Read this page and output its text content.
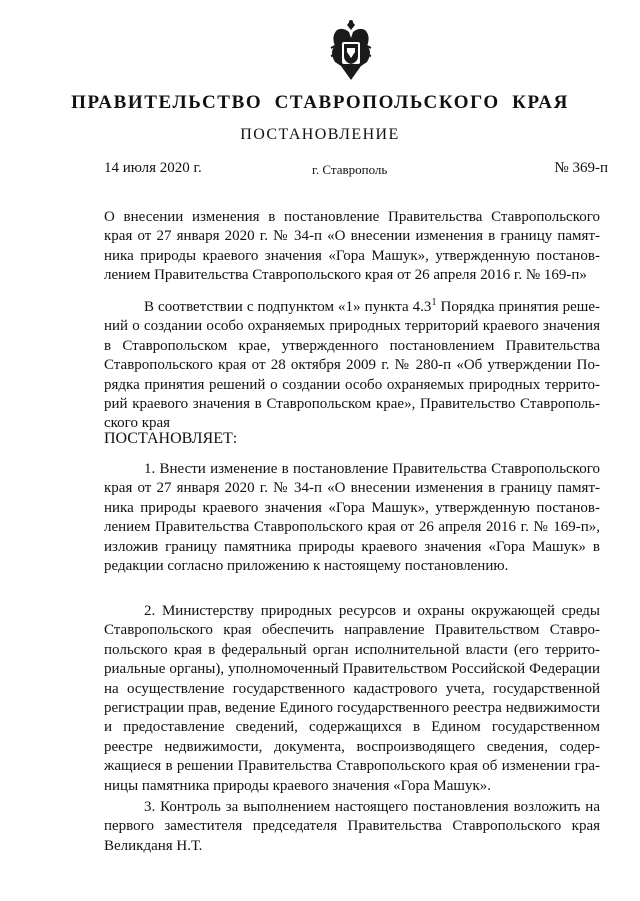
ПРАВИТЕЛЬСТВО СТАВРОПОЛЬСКОГО КРАЯ
ПОСТАНОВЛЕНИЕ
14 июля 2020 г.	г. Ставрополь	№ 369-п
О внесении изменения в постановление Правительства Ставропольского края от 27 января 2020 г. № 34-п «О внесении изменения в границу памятника природы краевого значения «Гора Машук», утвержденную постановлением Правительства Ставропольского края от 26 апреля 2016 г. № 169-п»
В соответствии с подпунктом «1» пункта $4.3^1$ Порядка принятия решений о создании особо охраняемых природных территорий краевого значения в Ставропольском крае, утвержденного постановлением Правительства Ставропольского края от 28 октября 2009 г. № 280-п «Об утверждении Порядка принятия решений о создании особо охраняемых природных территорий краевого значения в Ставропольском крае», Правительство Ставропольского края
ПОСТАНОВЛЯЕТ:
1. Внести изменение в постановление Правительства Ставропольского края от 27 января 2020 г. № 34-п «О внесении изменения в границу памятника природы краевого значения «Гора Машук», утвержденную постановлением Правительства Ставропольского края от 26 апреля 2016 г. № 169-п», изложив границу памятника природы краевого значения «Гора Машук» в редакции согласно приложению к настоящему постановлению.
2. Министерству природных ресурсов и охраны окружающей среды Ставропольского края обеспечить направление Правительством Ставропольского края в федеральный орган исполнительной власти (его территориальные органы), уполномоченный Правительством Российской Федерации на осуществление государственного кадастрового учета, государственной регистрации прав, ведение Единого государственного реестра недвижимости и предоставление сведений, содержащихся в Едином государственном реестре недвижимости, документа, воспроизводящего сведения, содержащиеся в решении Правительства Ставропольского края об изменении границы памятника природы краевого значения «Гора Машук».
3. Контроль за выполнением настоящего постановления возложить на первого заместителя председателя Правительства Ставропольского края Великданя Н.Т.
